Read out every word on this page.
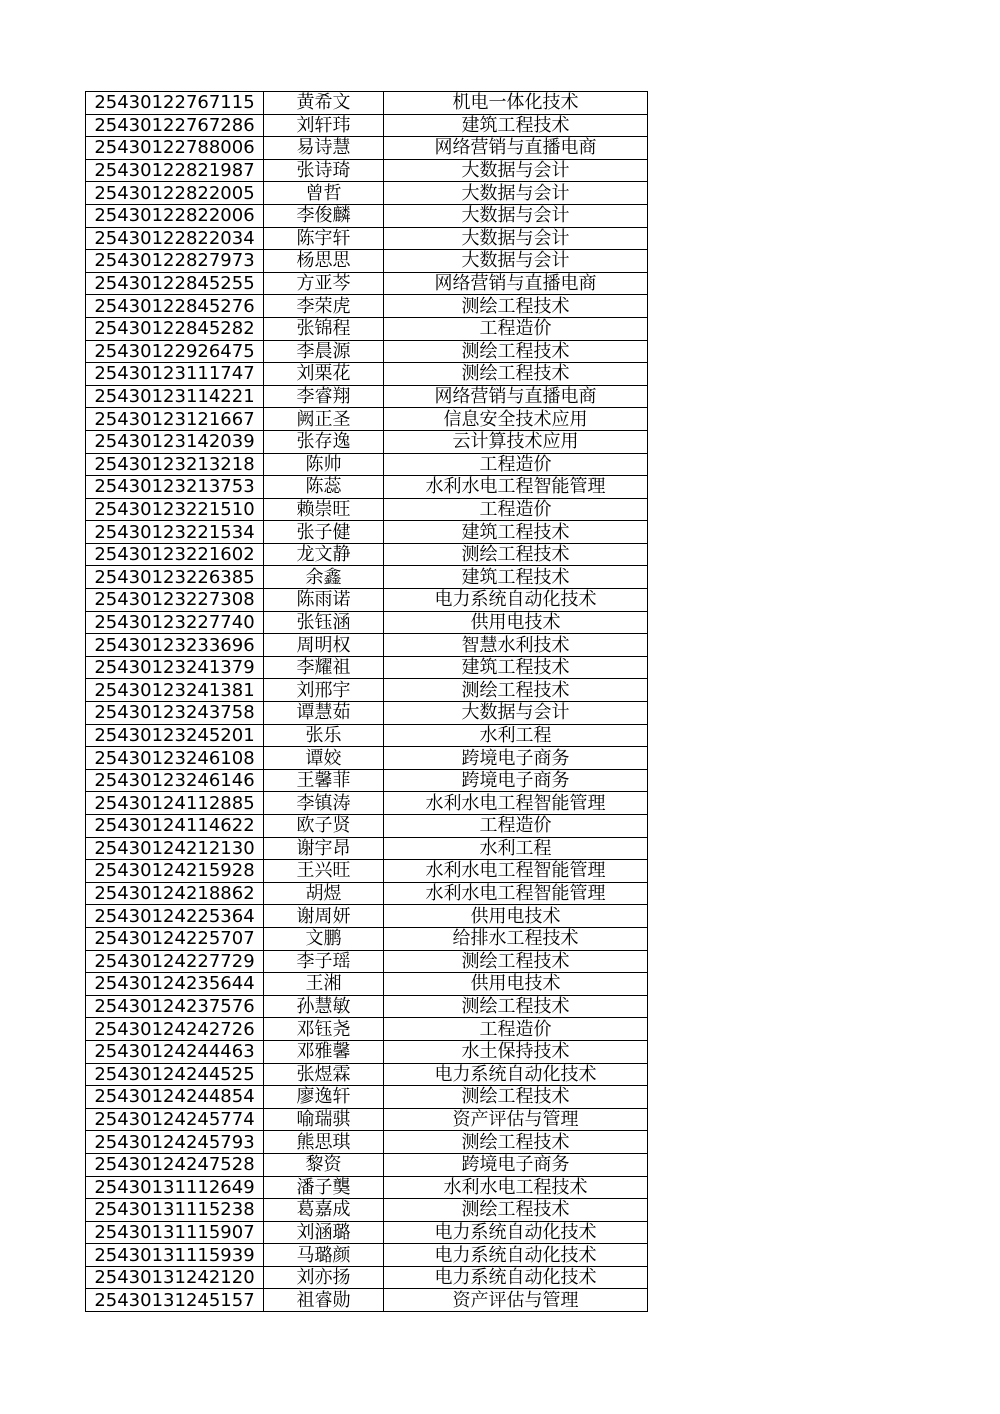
25430122767115	黄希文	机电一体化技术
25430122767286	刘轩玮	建筑工程技术
25430122788006	易诗慧	网络营销与直播电商
25430122821987	张诗琦	大数据与会计
25430122822005	曾哲	大数据与会计
25430122822006	李俊麟	大数据与会计
25430122822034	陈宇轩	大数据与会计
25430122827973	杨思思	大数据与会计
25430122845255	方亚芩	网络营销与直播电商
25430122845276	李荣虎	测绘工程技术
25430122845282	张锦程	工程造价
25430122926475	李晨源	测绘工程技术
25430123111747	刘栗花	测绘工程技术
25430123114221	李睿翔	网络营销与直播电商
25430123121667	阙正圣	信息安全技术应用
25430123142039	张存逸	云计算技术应用
25430123213218	陈帅	工程造价
25430123213753	陈蕊	水利水电工程智能管理
25430123221510	赖崇旺	工程造价
25430123221534	张子健	建筑工程技术
25430123221602	龙文静	测绘工程技术
25430123226385	余鑫	建筑工程技术
25430123227308	陈雨诺	电力系统自动化技术
25430123227740	张钰涵	供用电技术
25430123233696	周明权	智慧水利技术
25430123241379	李耀祖	建筑工程技术
25430123241381	刘邢宇	测绘工程技术
25430123243758	谭慧茹	大数据与会计
25430123245201	张乐	水利工程
25430123246108	谭姣	跨境电子商务
25430123246146	王馨菲	跨境电子商务
25430124112885	李镇涛	水利水电工程智能管理
25430124114622	欧子贤	工程造价
25430124212130	谢宇昂	水利工程
25430124215928	王兴旺	水利水电工程智能管理
25430124218862	胡煜	水利水电工程智能管理
25430124225364	谢周妍	供用电技术
25430124225707	文鹏	给排水工程技术
25430124227729	李子瑶	测绘工程技术
25430124235644	王湘	供用电技术
25430124237576	孙慧敏	测绘工程技术
25430124242726	邓钰尧	工程造价
25430124244463	邓雅馨	水土保持技术
25430124244525	张煜霖	电力系统自动化技术
25430124244854	廖逸轩	测绘工程技术
25430124245774	喻瑞骐	资产评估与管理
25430124245793	熊思琪	测绘工程技术
25430124247528	黎资	跨境电子商务
25430131112649	潘子龑	水利水电工程技术
25430131115238	葛嘉成	测绘工程技术
25430131115907	刘涵璐	电力系统自动化技术
25430131115939	马璐颜	电力系统自动化技术
25430131242120	刘亦扬	电力系统自动化技术
25430131245157	祖睿勋	资产评估与管理
